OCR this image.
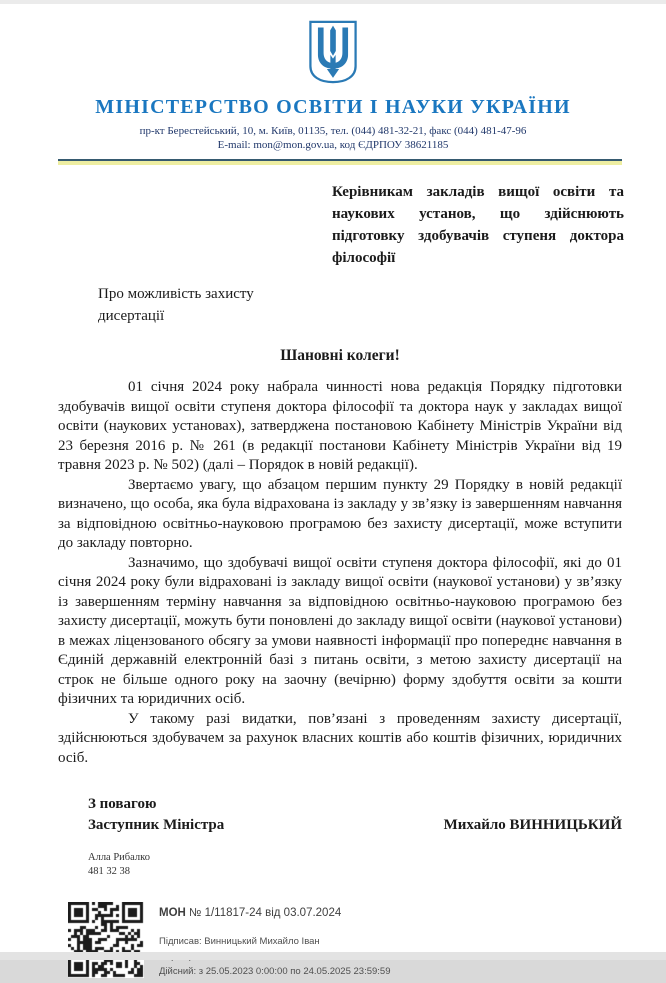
МІНІСТЕРСТВО ОСВІТИ І НАУКИ УКРАЇНИ
пр-кт Берестейський, 10, м. Київ, 01135, тел. (044) 481-32-21, факс (044) 481-47-96
E-mail: mon@mon.gov.ua, код ЄДРПОУ 38621185
Керівникам закладів вищої освіти та наукових установ, що здійснюють підготовку здобувачів ступеня доктора філософії
Про можливість захисту дисертації
Шановні колеги!

01 січня 2024 року набрала чинності нова редакція Порядку підготовки здобувачів вищої освіти ступеня доктора філософії та доктора наук у закладах вищої освіти (наукових установах), затверджена постановою Кабінету Міністрів України від 23 березня 2016 р. № 261 (в редакції постанови Кабінету Міністрів України від 19 травня 2023 р. № 502) (далі – Порядок в новій редакції).

Звертаємо увагу, що абзацом першим пункту 29 Порядку в новій редакції визначено, що особа, яка була відрахована із закладу у зв’язку із завершенням навчання за відповідною освітньо-науковою програмою без захисту дисертації, може вступити до закладу повторно.

Зазначимо, що здобувачі вищої освіти ступеня доктора філософії, які до 01 січня 2024 року були відраховані із закладу вищої освіти (наукової установи) у зв’язку із завершенням терміну навчання за відповідною освітньо-науковою програмою без захисту дисертації, можуть бути поновлені до закладу вищої освіти (наукової установи) в межах ліцензованого обсягу за умови наявності інформації про попереднє навчання в Єдиній державній електронній базі з питань освіти, з метою захисту дисертації на строк не більше одного року на заочну (вечірню) форму здобуття освіти за кошти фізичних та юридичних осіб.

У такому разі видатки, пов’язані з проведенням захисту дисертації, здійснюються здобувачем за рахунок власних коштів або коштів фізичних, юридичних осіб.

З повагою
Заступник Міністра	Михайло ВИННИЦЬКИЙ
Алла Рибалко
481 32 38
МОН № 1/11817-24 від 03.07.2024
Підписав: Винницький Михайло Іван
Дійсний: з 25.05.2023 0:00:00 по 24.05.2025 23:59:59
